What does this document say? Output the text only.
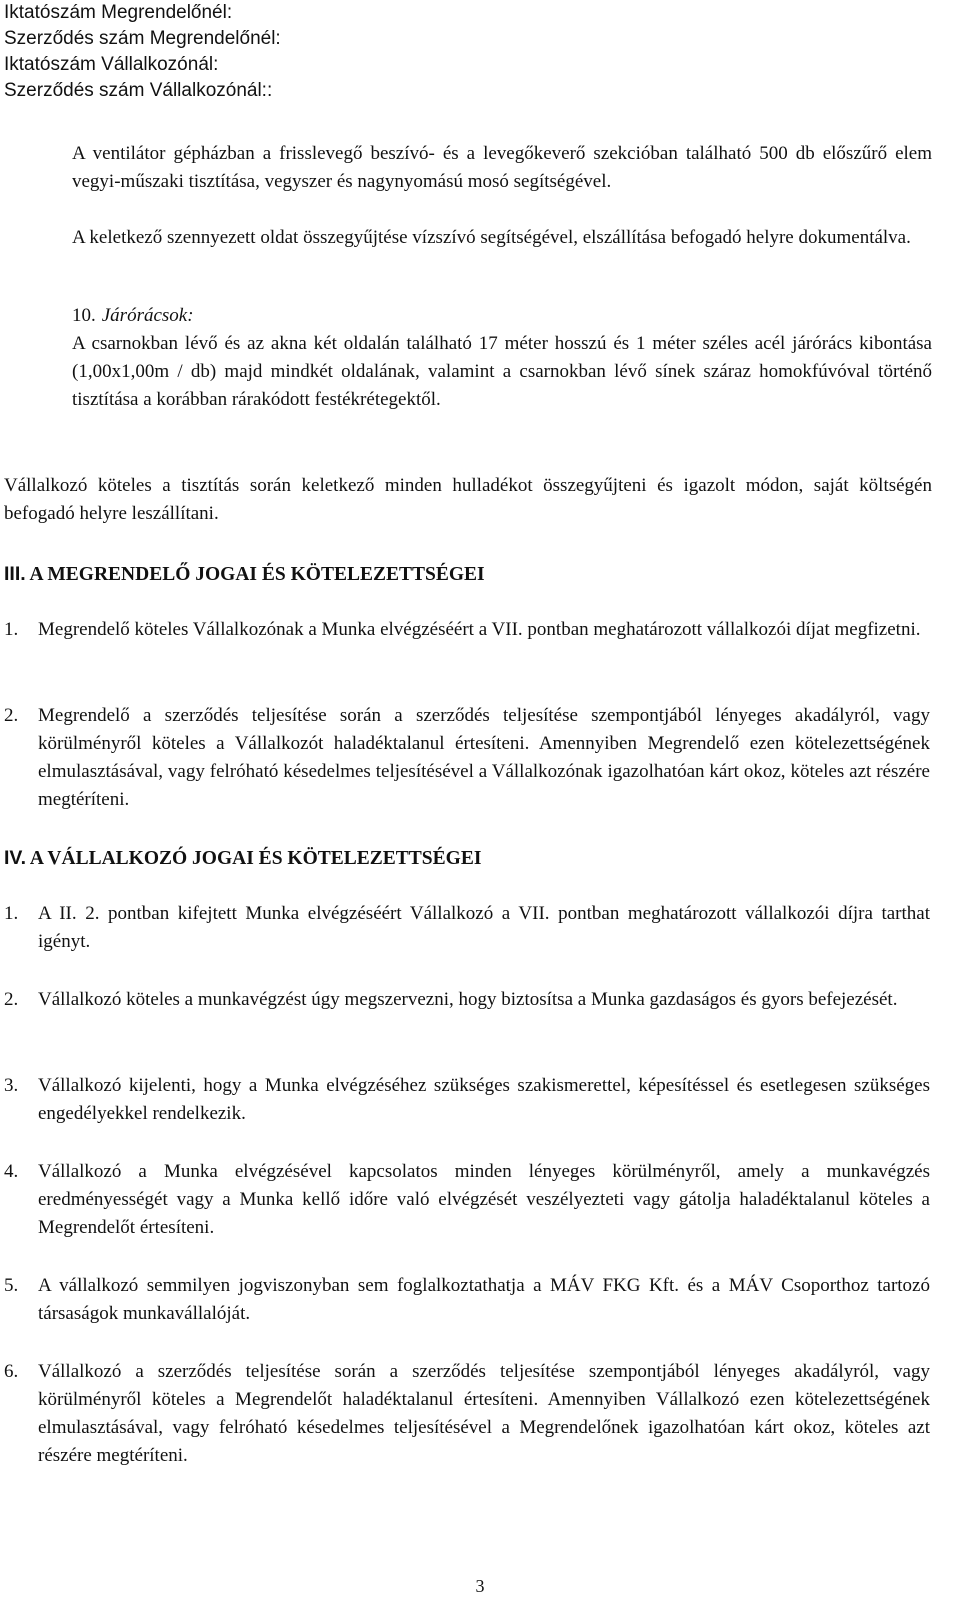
Iktatószám Megrendelőnél:
Szerződés szám Megrendelőnél:
Iktatószám Vállalkozónál:
Szerződés szám Vállalkozónál::

A ventilátor gépházban a frisslevegő beszívó- és a levegőkeverő szekcióban található 500 db előszűrő elem vegyi-műszaki tisztítása, vegyszer és nagynyomású mosó segítségével.

A keletkező szennyezett oldat összegyűjtése vízszívó segítségével, elszállítása befogadó helyre dokumentálva.

10. Járórácsok:

A csarnokban lévő és az akna két oldalán található 17 méter hosszú és 1 méter széles acél járórács kibontása (1,00x1,00m / db) majd mindkét oldalának, valamint a csarnokban lévő sínek száraz homokfúvóval történő tisztítása a korábban rárakódott festékrétegektől.

Vállalkozó köteles a tisztítás során keletkező minden hulladékot összegyűjteni és igazolt módon, saját költségén befogadó helyre leszállítani.

III. A MEGRENDELŐ JOGAI ÉS KÖTELEZETTSÉGEI
1. Megrendelő köteles Vállalkozónak a Munka elvégzéséért a VII. pontban meghatározott vállalkozói díjat megfizetni.
2. Megrendelő a szerződés teljesítése során a szerződés teljesítése szempontjából lényeges akadályról, vagy körülményről köteles a Vállalkozót haladéktalanul értesíteni. Amennyiben Megrendelő ezen kötelezettségének elmulasztásával, vagy felróható késedelmes teljesítésével a Vállalkozónak igazolhatóan kárt okoz, köteles azt részére megtéríteni.
IV. A VÁLLALKOZÓ JOGAI ÉS KÖTELEZETTSÉGEI
1. A II. 2. pontban kifejtett Munka elvégzéséért Vállalkozó a VII. pontban meghatározott vállalkozói díjra tarthat igényt.
2. Vállalkozó köteles a munkavégzést úgy megszervezni, hogy biztosítsa a Munka gazdaságos és gyors befejezését.
3. Vállalkozó kijelenti, hogy a Munka elvégzéséhez szükséges szakismerettel, képesítéssel és esetlegesen szükséges engedélyekkel rendelkezik.
4. Vállalkozó a Munka elvégzésével kapcsolatos minden lényeges körülményről, amely a munkavégzés eredményességét vagy a Munka kellő időre való elvégzését veszélyezteti vagy gátolja haladéktalanul köteles a Megrendelőt értesíteni.
5. A vállalkozó semmilyen jogviszonyban sem foglalkoztathatja a MÁV FKG Kft. és a MÁV Csoporthoz tartozó társaságok munkavállalóját.
6. Vállalkozó a szerződés teljesítése során a szerződés teljesítése szempontjából lényeges akadályról, vagy körülményről köteles a Megrendelőt haladéktalanul értesíteni. Amennyiben Vállalkozó ezen kötelezettségének elmulasztásával, vagy felróható késedelmes teljesítésével a Megrendelőnek igazolhatóan kárt okoz, köteles azt részére megtéríteni.
3
